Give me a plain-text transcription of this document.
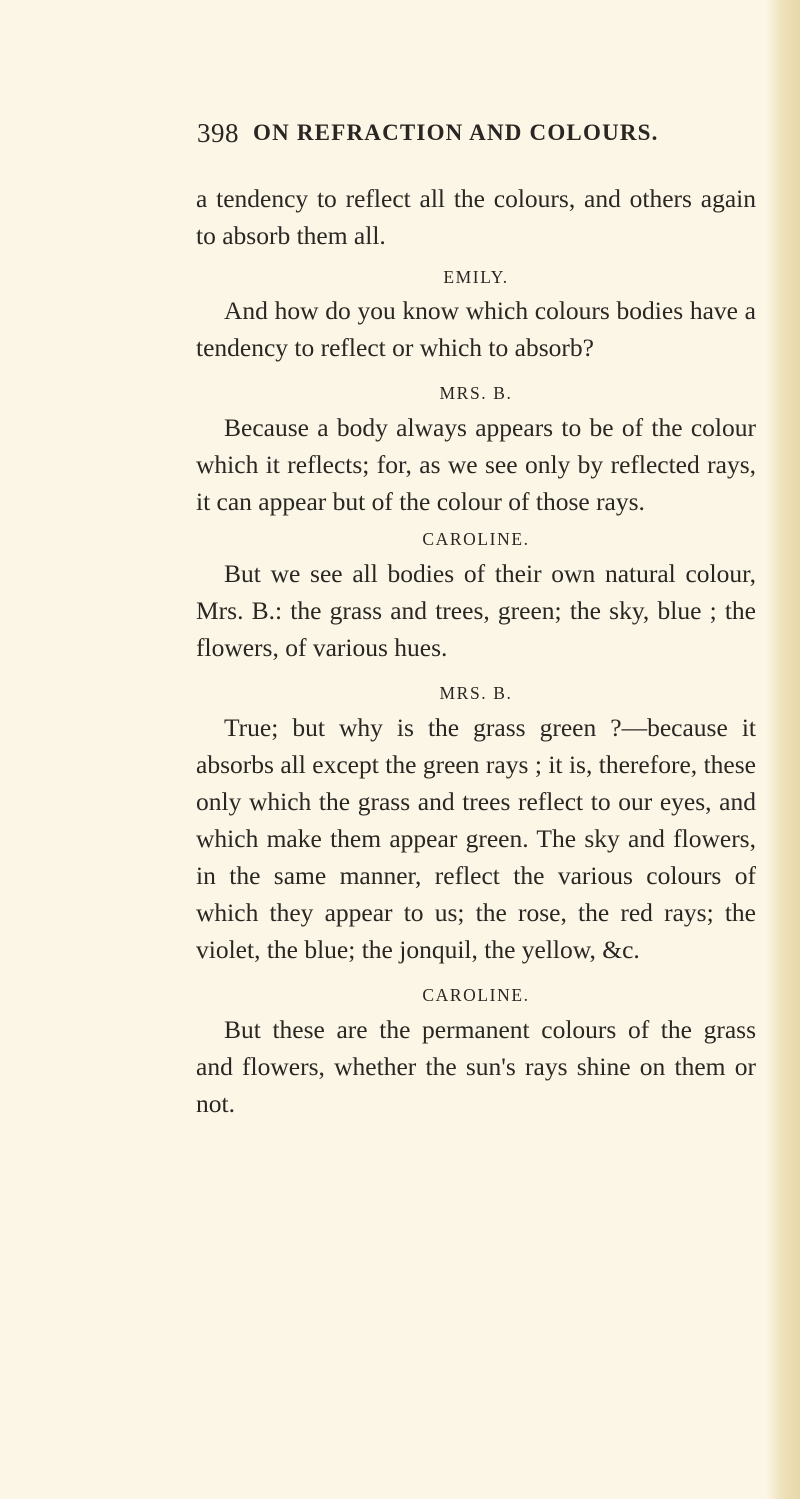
398 ON REFRACTION AND COLOURS.

a tendency to reflect all the colours, and others again to absorb them all.

EMILY.

And how do you know which colours bodies have a tendency to reflect or which to absorb?

MRS. B.

Because a body always appears to be of the colour which it reflects; for, as we see only by reflected rays, it can appear but of the colour of those rays.

CAROLINE.

But we see all bodies of their own natural colour, Mrs. B.: the grass and trees, green; the sky, blue ; the flowers, of various hues.

MRS. B.

True; but why is the grass green ?—because it absorbs all except the green rays ; it is, therefore, these only which the grass and trees reflect to our eyes, and which make them appear green. The sky and flowers, in the same manner, reflect the various colours of which they appear to us; the rose, the red rays; the violet, the blue; the jonquil, the yellow, &c.

CAROLINE.

But these are the permanent colours of the grass and flowers, whether the sun's rays shine on them or not.
